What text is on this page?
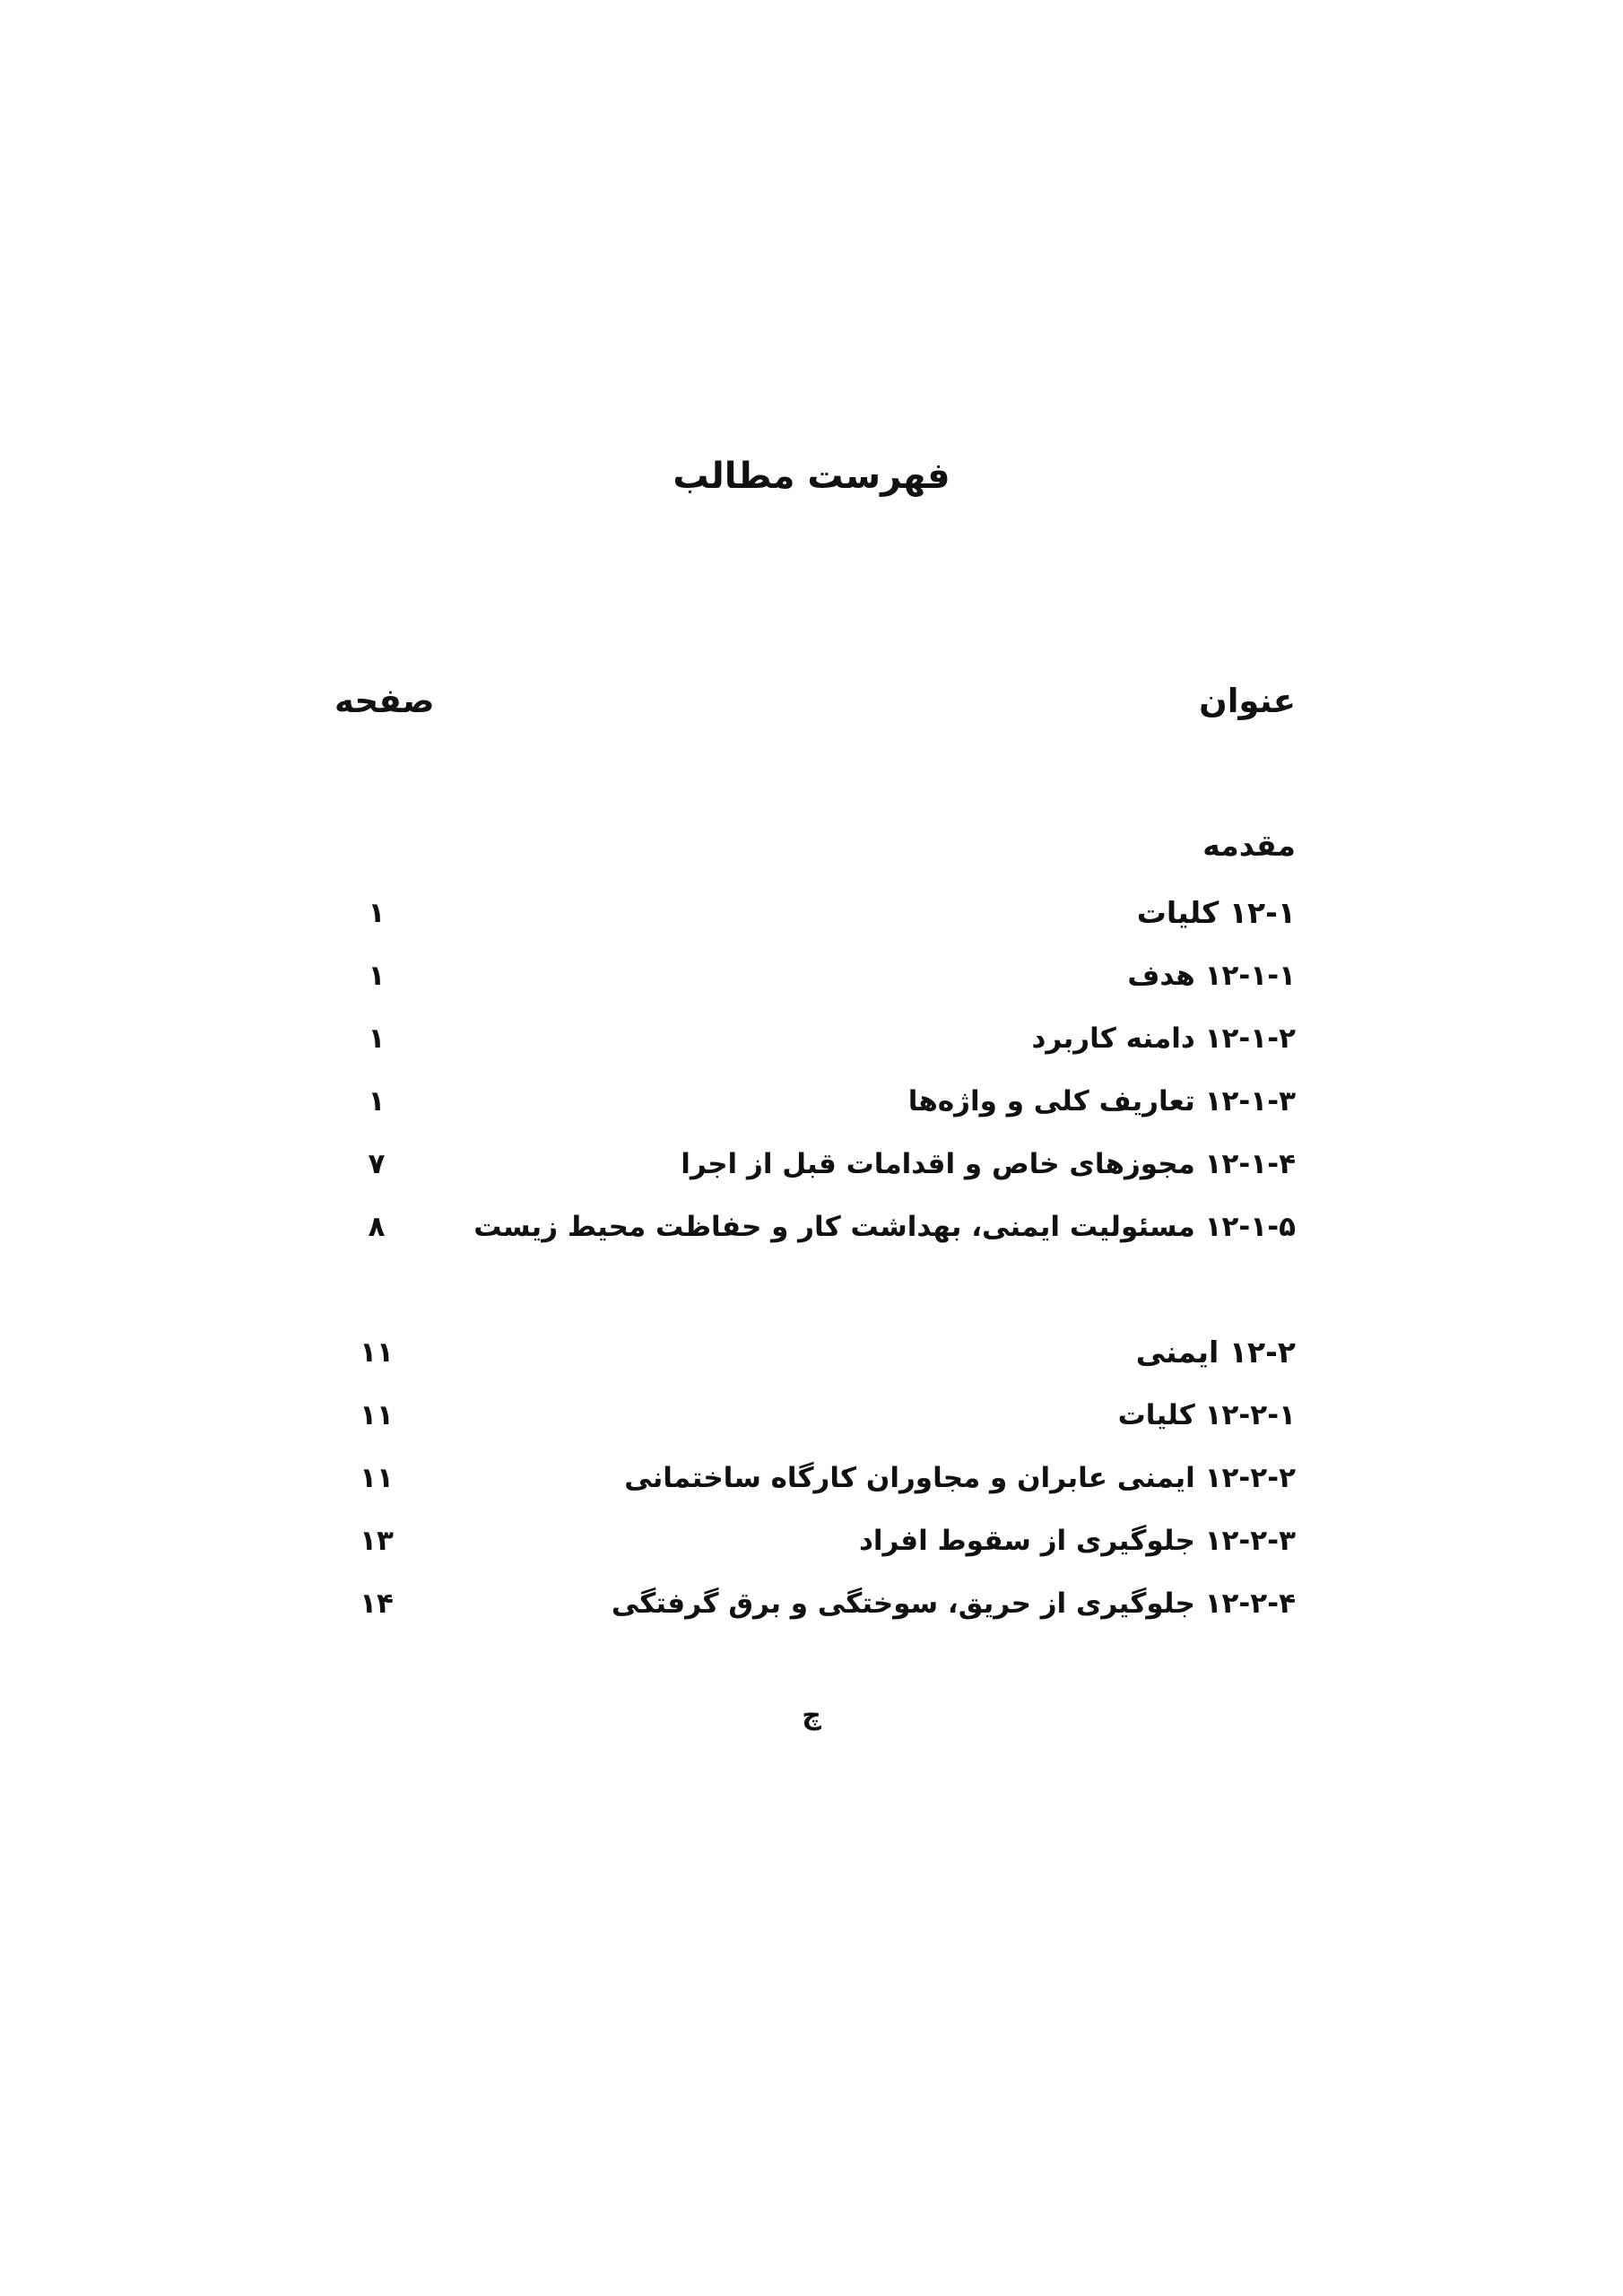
فهرست مطالب
عنوان
صفحه
مقدمه
۱۲-۱ کلیات
۱
۱۲-۱-۱ هدف
۱
۱۲-۱-۲ دامنه کاربرد
۱
۱۲-۱-۳ تعاریف کلی و واژه‌ها
۱
۱۲-۱-۴ مجوزهای خاص و اقدامات قبل از اجرا
۷
۱۲-۱-۵ مسئولیت ایمنی، بهداشت کار و حفاظت محیط زیست
۸
۱۲-۲ ایمنی
۱۱
۱۲-۲-۱ کلیات
۱۱
۱۲-۲-۲ ایمنی عابران و مجاوران کارگاه ساختمانی
۱۱
۱۲-۲-۳ جلوگیری از سقوط افراد
۱۳
۱۲-۲-۴ جلوگیری از حریق، سوختگی و برق گرفتگی
۱۴
چ
